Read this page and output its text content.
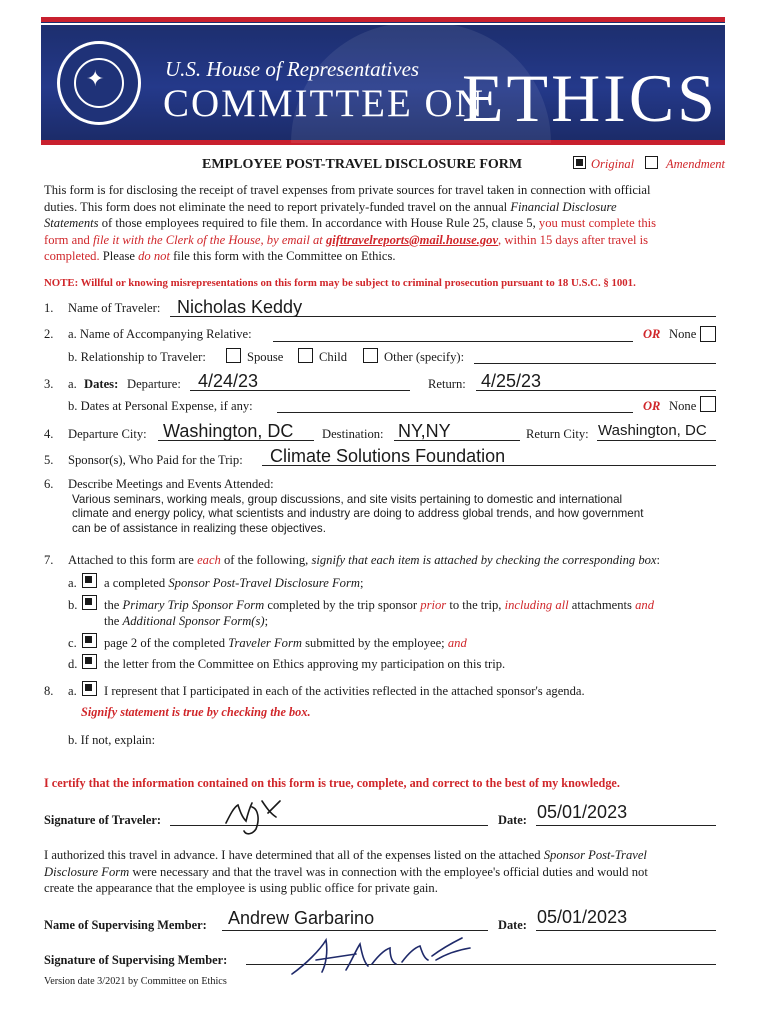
✦	U.S. House of Representatives
COMMITTEE ON
ETHICS
EMPLOYEE POST-TRAVEL DISCLOSURE FORM	Original	Amendment
This form is for disclosing the receipt of travel expenses from private sources for travel taken in connection with official
duties. This form does not eliminate the need to report privately-funded travel on the annual Financial Disclosure
Statements of those employees required to file them. In accordance with House Rule 25, clause 5, you must complete this
form and file it with the Clerk of the House, by email at gifttravelreports@mail.house.gov, within 15 days after travel is
completed. Please do not file this form with the Committee on Ethics.
NOTE: Willful or knowing misrepresentations on this form may be subject to criminal prosecution pursuant to 18 U.S.C. § 1001.
1. Name of Traveler: Nicholas Keddy
2. a. Name of Accompanying Relative:	OR None
b. Relationship to Traveler:	Spouse	Child	Other (specify):
3. a. Dates: Departure: 4/24/23	Return: 4/25/23
b. Dates at Personal Expense, if any:	OR None
4. Departure City: Washington, DC Destination: NY,NY	Return City: Washington, DC
5. Sponsor(s), Who Paid for the Trip: Climate Solutions Foundation
6. Describe Meetings and Events Attended:
Various seminars, working meals, group discussions, and site visits pertaining to domestic and international
climate and energy policy, what scientists and industry are doing to address global trends, and how government
can be of assistance in realizing these objectives.
7. Attached to this form are each of the following, signify that each item is attached by checking the corresponding box:
a. a completed Sponsor Post-Travel Disclosure Form;
b. the Primary Trip Sponsor Form completed by the trip sponsor prior to the trip, including all attachments and
the Additional Sponsor Form(s);
c. page 2 of the completed Traveler Form submitted by the employee; and
d. the letter from the Committee on Ethics approving my participation on this trip.
8. a. I represent that I participated in each of the activities reflected in the attached sponsor's agenda.
Signify statement is true by checking the box.
b. If not, explain:
I certify that the information contained on this form is true, complete, and correct to the best of my knowledge.
Signature of Traveler:	Date: 05/01/2023
I authorized this travel in advance. I have determined that all of the expenses listed on the attached Sponsor Post-Travel
Disclosure Form were necessary and that the travel was in connection with the employee's official duties and would not
create the appearance that the employee is using public office for private gain.
Name of Supervising Member: Andrew Garbarino	Date: 05/01/2023
Signature of Supervising Member:
Version date 3/2021 by Committee on Ethics
